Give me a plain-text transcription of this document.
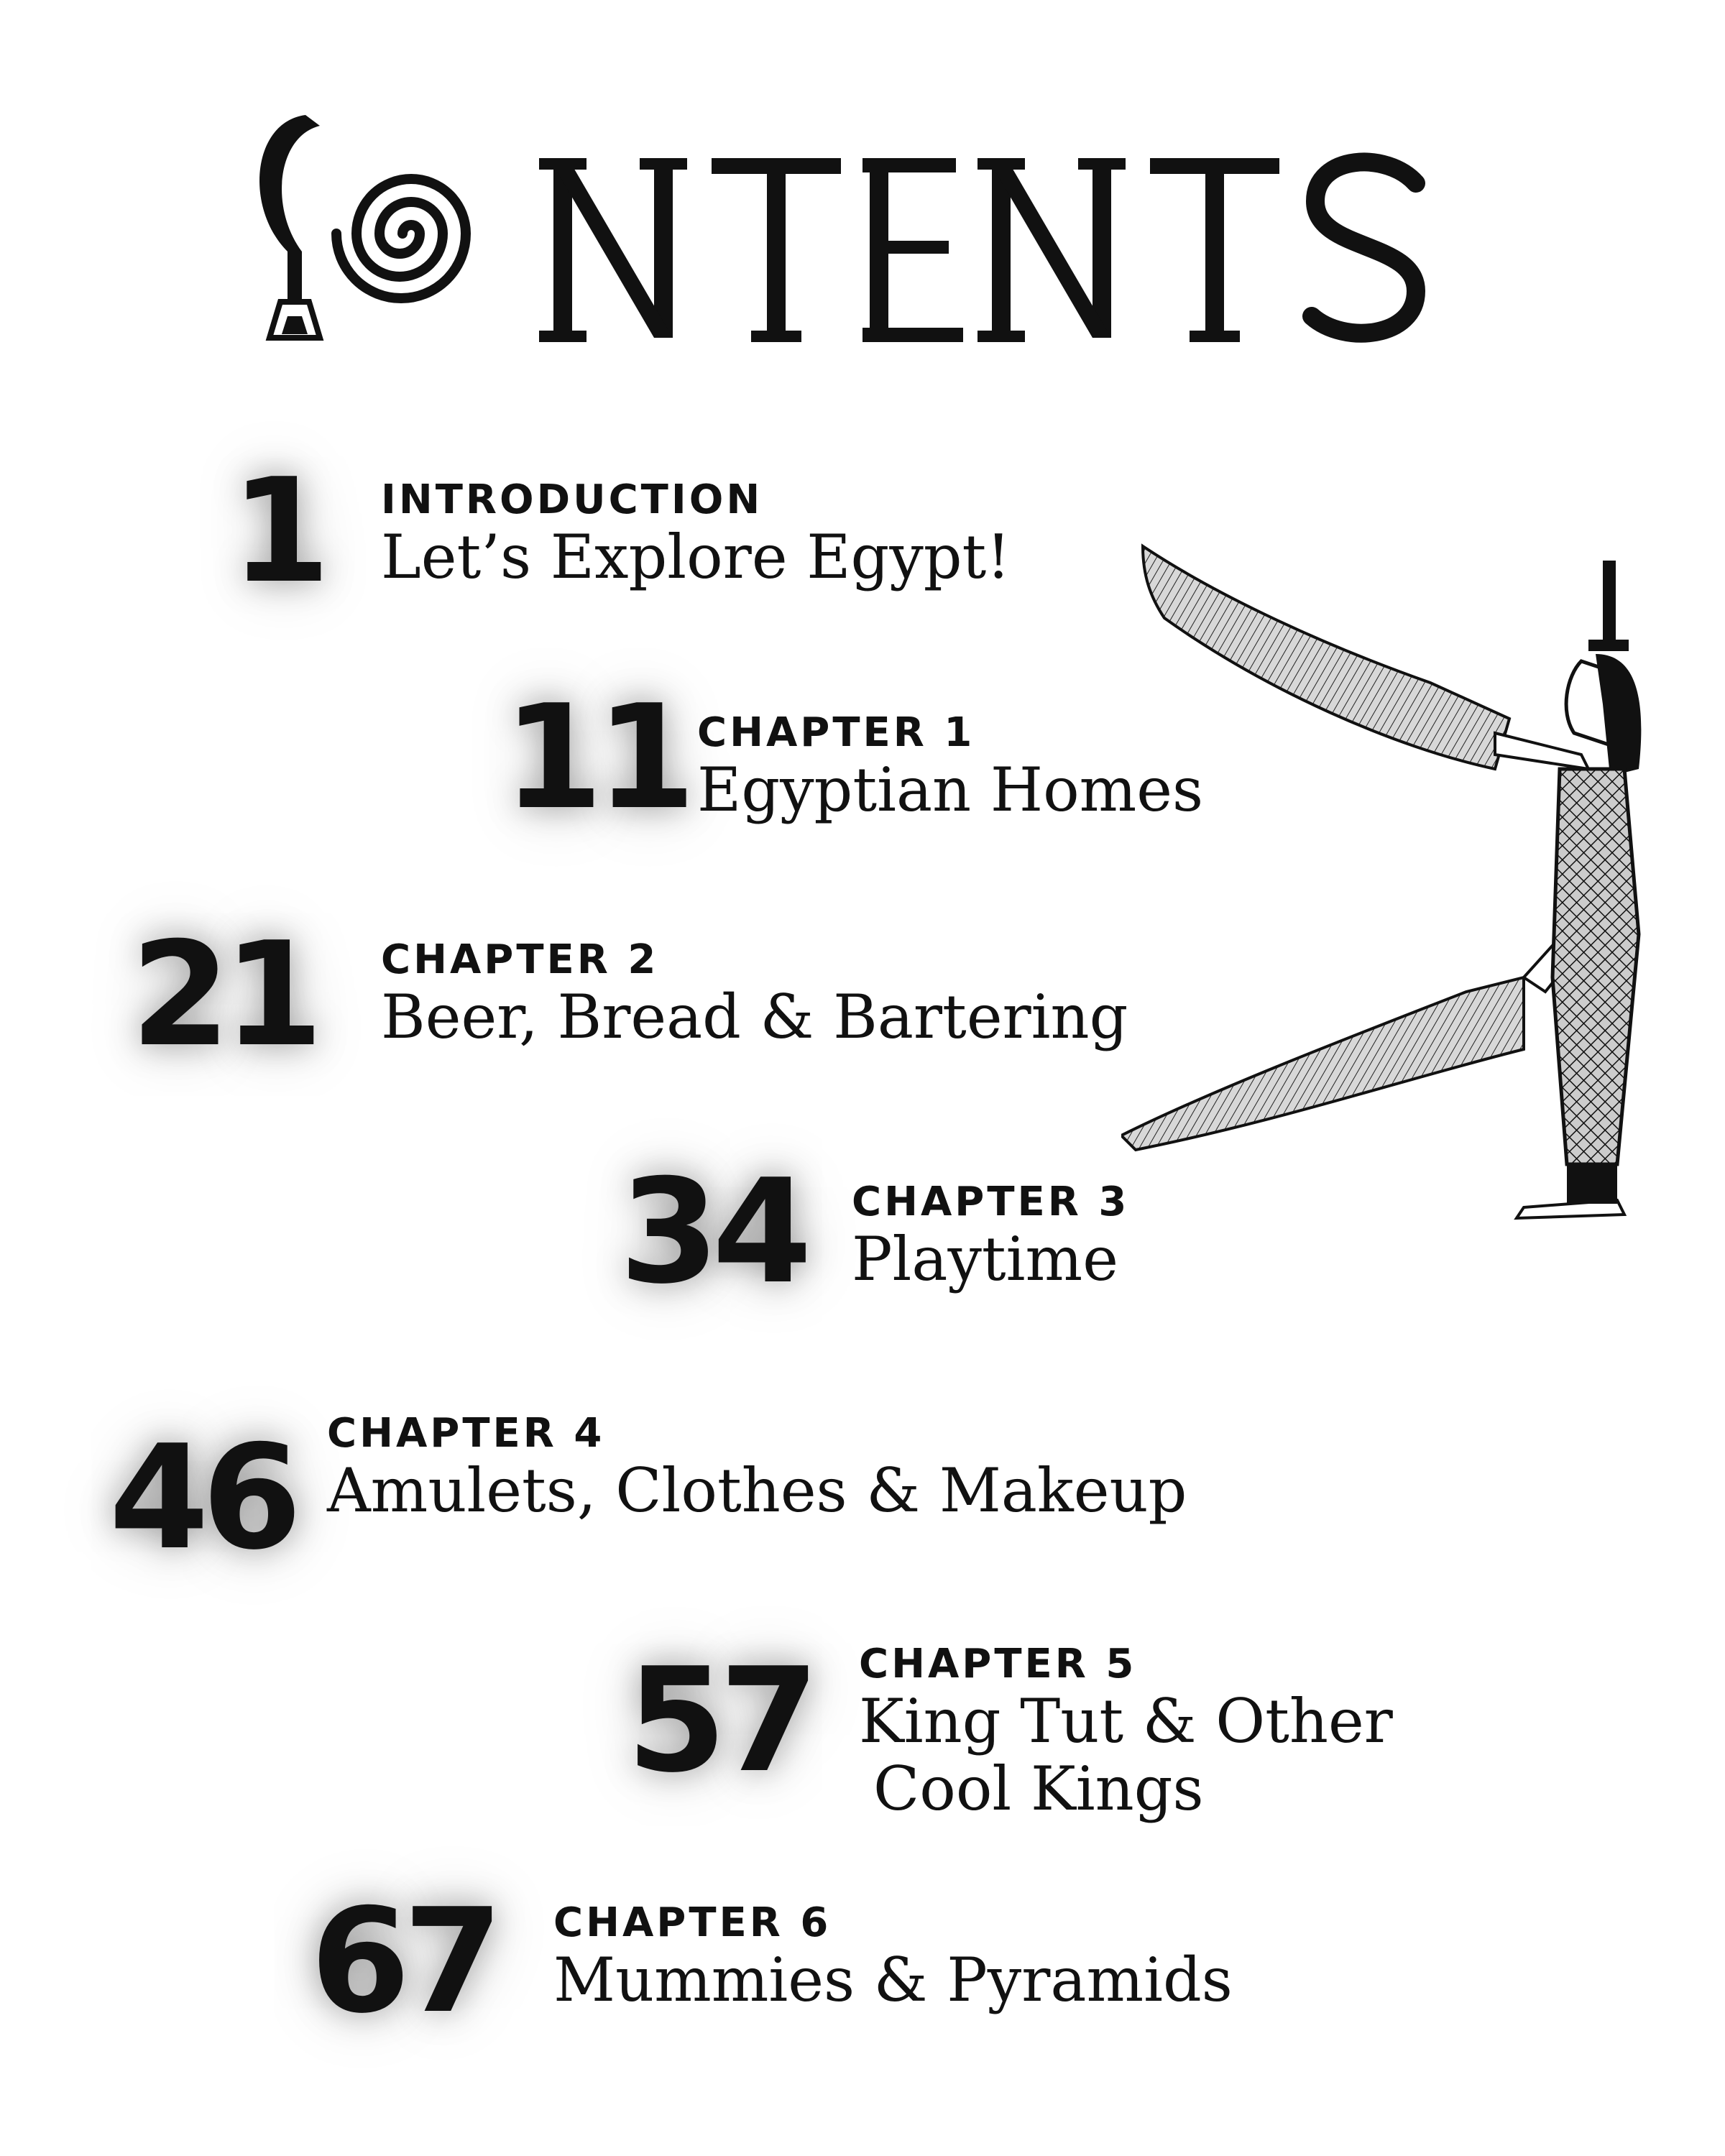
1 INTRODUCTION
Let’s Explore Egypt!
11 CHAPTER 1
Egyptian Homes
21 CHAPTER 2
Beer, Bread & Bartering
34 CHAPTER 3
Playtime
46 CHAPTER 4
Amulets, Clothes & Makeup
57 CHAPTER 5
King Tut & Other
Cool Kings
67 CHAPTER 6
Mummies & Pyramids
